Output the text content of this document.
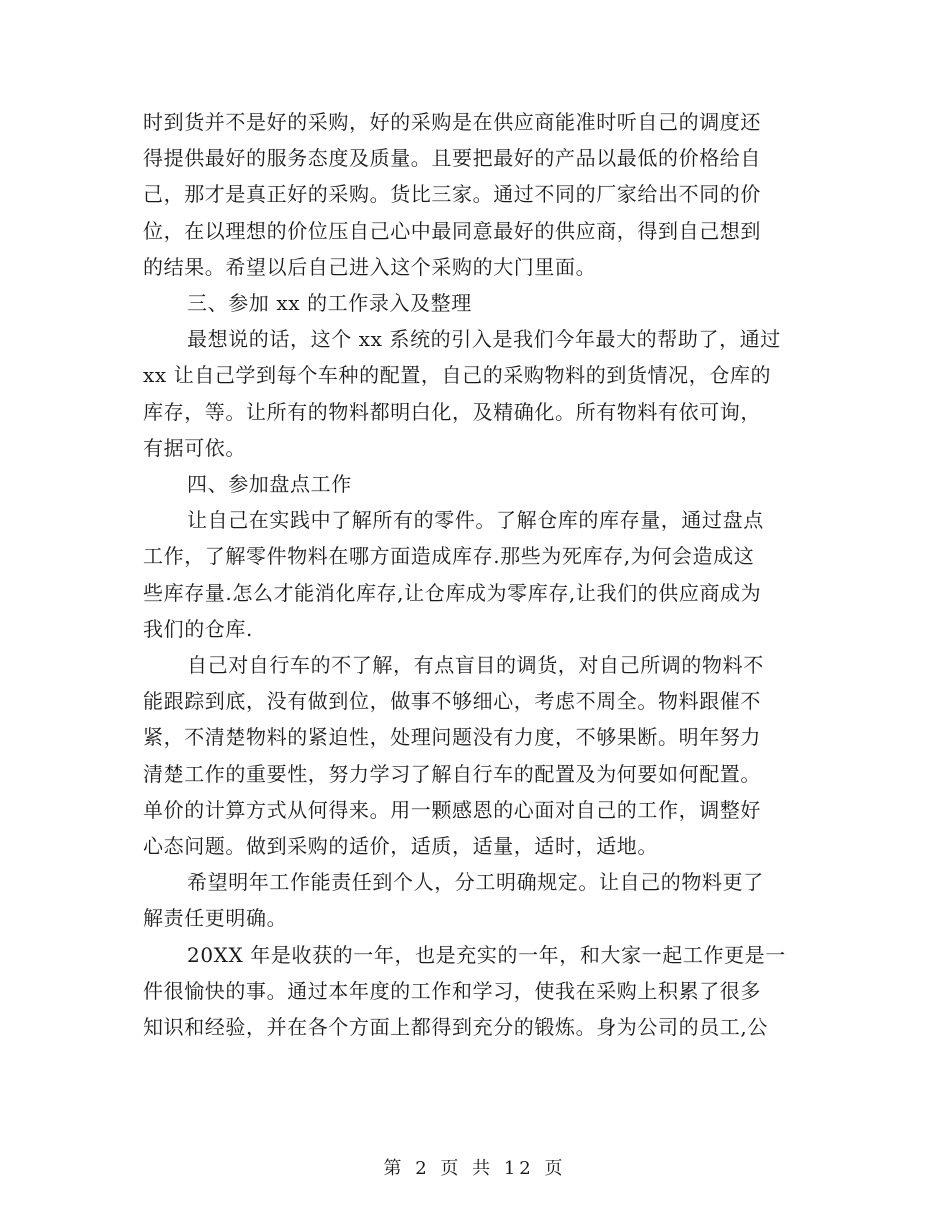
时到货并不是好的采购，好的采购是在供应商能准时听自己的调度还
得提供最好的服务态度及质量。且要把最好的产品以最低的价格给自
己，那才是真正好的采购。货比三家。通过不同的厂家给出不同的价
位，在以理想的价位压自己心中最同意最好的供应商，得到自己想到
的结果。希望以后自己进入这个采购的大门里面。
三、参加 xx 的工作录入及整理
最想说的话，这个 xx 系统的引入是我们今年最大的帮助了，通过
xx 让自己学到每个车种的配置，自己的采购物料的到货情况，仓库的
库存，等。让所有的物料都明白化，及精确化。所有物料有依可询，
有据可依。
四、参加盘点工作
让自己在实践中了解所有的零件。了解仓库的库存量，通过盘点
工作，了解零件物料在哪方面造成库存.那些为死库存,为何会造成这
些库存量.怎么才能消化库存,让仓库成为零库存,让我们的供应商成为
我们的仓库.
自己对自行车的不了解，有点盲目的调货，对自己所调的物料不
能跟踪到底，没有做到位，做事不够细心，考虑不周全。物料跟催不
紧，不清楚物料的紧迫性，处理问题没有力度，不够果断。明年努力
清楚工作的重要性，努力学习了解自行车的配置及为何要如何配置。
单价的计算方式从何得来。用一颗感恩的心面对自己的工作，调整好
心态问题。做到采购的适价，适质，适量，适时，适地。
希望明年工作能责任到个人，分工明确规定。让自己的物料更了
解责任更明确。
20XX 年是收获的一年，也是充实的一年，和大家一起工作更是一
件很愉快的事。通过本年度的工作和学习，使我在采购上积累了很多
知识和经验，并在各个方面上都得到充分的锻炼。身为公司的员工,公
第 2 页 共 12 页
